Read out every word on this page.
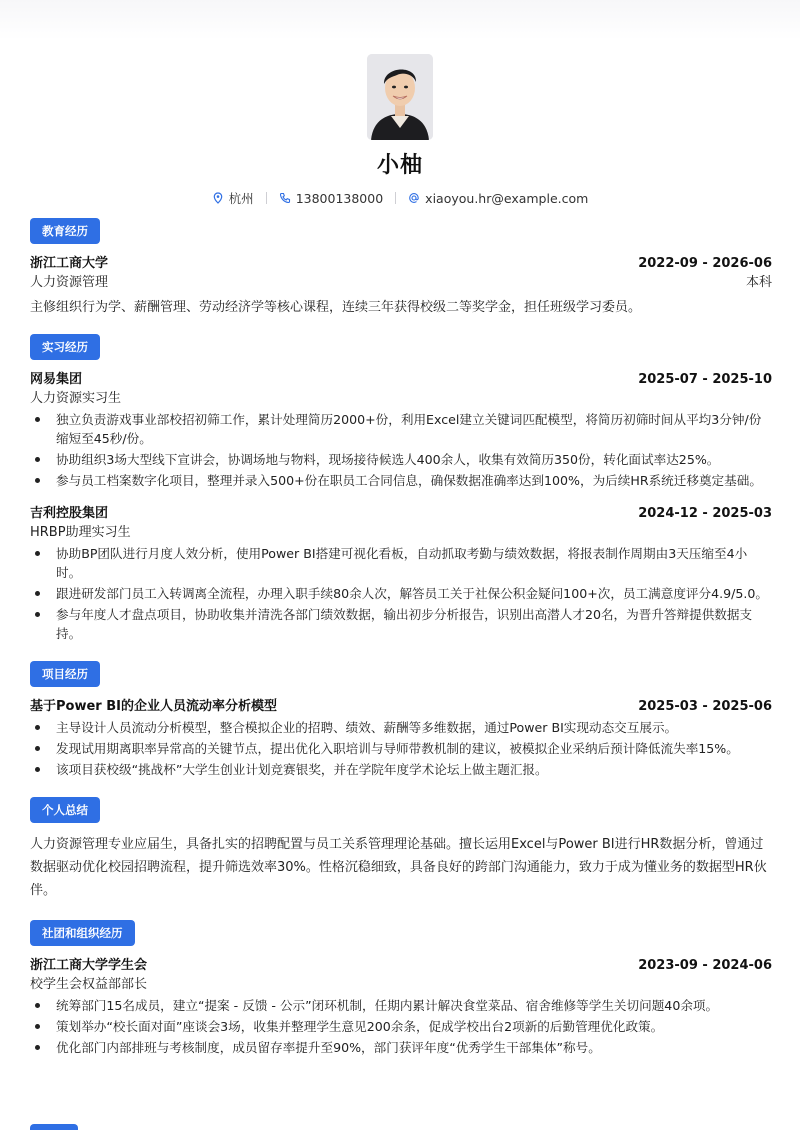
小柚
杭州	13800138000	xiaoyou.hr@example.com
教育经历
浙江工商大学	2022-09 - 2026-06
人力资源管理	本科
主修组织行为学、薪酬管理、劳动经济学等核心课程，连续三年获得校级二等奖学金，担任班级学习委员。
实习经历
网易集团	2025-07 - 2025-10
人力资源实习生
独立负责游戏事业部校招初筛工作，累计处理简历2000+份，利用Excel建立关键词匹配模型，将简历初筛时间从平均3分钟/份缩短至45秒/份。
协助组织3场大型线下宣讲会，协调场地与物料，现场接待候选人400余人，收集有效简历350份，转化面试率达25%。
参与员工档案数字化项目，整理并录入500+份在职员工合同信息，确保数据准确率达到100%，为后续HR系统迁移奠定基础。
吉利控股集团	2024-12 - 2025-03
HRBP助理实习生
协助BP团队进行月度人效分析，使用Power BI搭建可视化看板，自动抓取考勤与绩效数据，将报表制作周期由3天压缩至4小时。
跟进研发部门员工入转调离全流程，办理入职手续80余人次，解答员工关于社保公积金疑问100+次，员工满意度评分4.9/5.0。
参与年度人才盘点项目，协助收集并清洗各部门绩效数据，输出初步分析报告，识别出高潜人才20名，为晋升答辩提供数据支持。
项目经历
基于Power BI的企业人员流动率分析模型	2025-03 - 2025-06
主导设计人员流动分析模型，整合模拟企业的招聘、绩效、薪酬等多维数据，通过Power BI实现动态交互展示。
发现试用期离职率异常高的关键节点，提出优化入职培训与导师带教机制的建议，被模拟企业采纳后预计降低流失率15%。
该项目获校级“挑战杯”大学生创业计划竞赛银奖，并在学院年度学术论坛上做主题汇报。
个人总结
人力资源管理专业应届生，具备扎实的招聘配置与员工关系管理理论基础。擅长运用Excel与Power BI进行HR数据分析，曾通过数据驱动优化校园招聘流程，提升筛选效率30%。性格沉稳细致，具备良好的跨部门沟通能力，致力于成为懂业务的数据型HR伙伴。
社团和组织经历
浙江工商大学学生会	2023-09 - 2024-06
校学生会权益部部长
统筹部门15名成员，建立“提案 - 反馈 - 公示”闭环机制，任期内累计解决食堂菜品、宿舍维修等学生关切问题40余项。
策划举办“校长面对面”座谈会3场，收集并整理学生意见200余条，促成学校出台2项新的后勤管理优化政策。
优化部门内部排班与考核制度，成员留存率提升至90%，部门获评年度“优秀学生干部集体”称号。
